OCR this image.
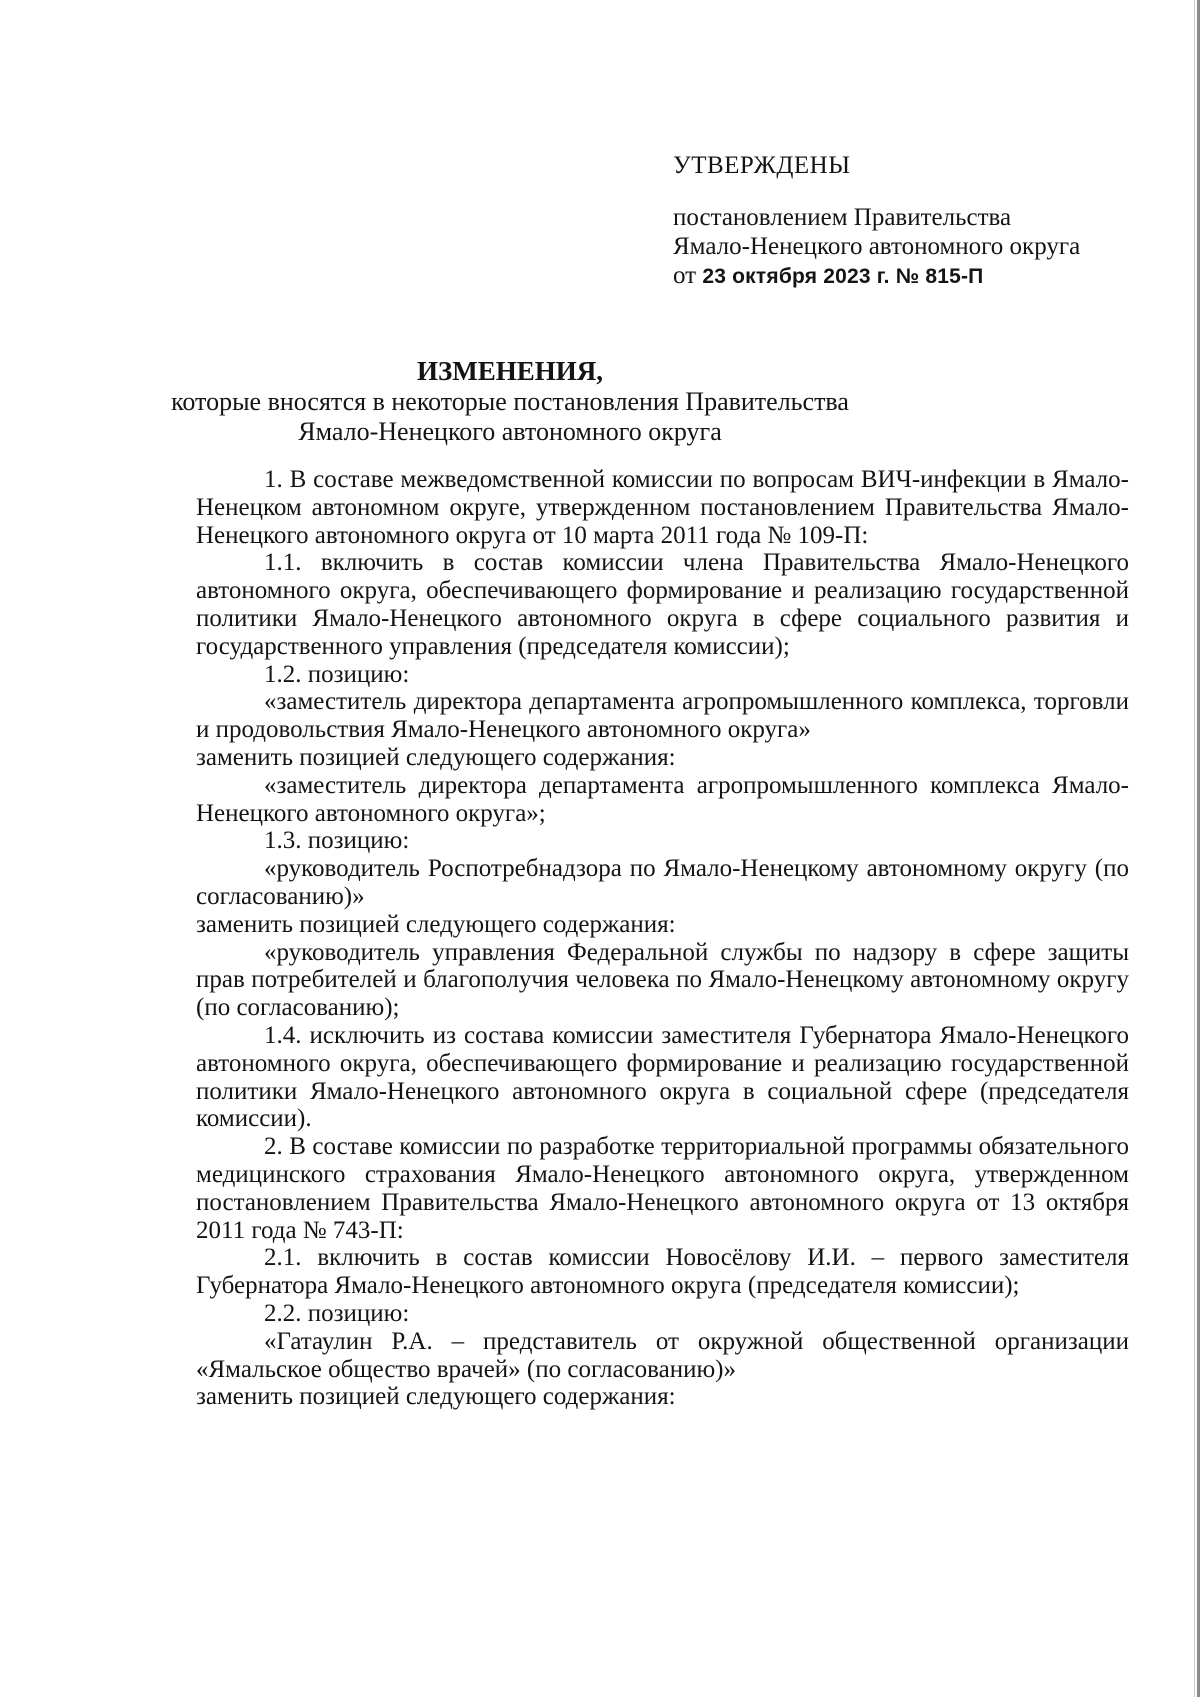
УТВЕРЖДЕНЫ
постановлением Правительства
Ямало-Ненецкого автономного округа
от 23 октября 2023 г. № 815-П
ИЗМЕНЕНИЯ,
которые вносятся в некоторые постановления Правительства
Ямало-Ненецкого автономного округа

1. В составе межведомственной комиссии по вопросам ВИЧ-инфекции в Ямало-Ненецком автономном округе, утвержденном постановлением Правительства Ямало-Ненецкого автономного округа от 10 марта 2011 года № 109-П:

1.1. включить в состав комиссии члена Правительства Ямало-Ненецкого автономного округа, обеспечивающего формирование и реализацию государственной политики Ямало-Ненецкого автономного округа в сфере социального развития и государственного управления (председателя комиссии);

1.2. позицию:

«заместитель директора департамента агропромышленного комплекса, торговли и продовольствия Ямало-Ненецкого автономного округа»

заменить позицией следующего содержания:

«заместитель директора департамента агропромышленного комплекса Ямало-Ненецкого автономного округа»;

1.3. позицию:

«руководитель Роспотребнадзора по Ямало-Ненецкому автономному округу (по согласованию)»

заменить позицией следующего содержания:

«руководитель управления Федеральной службы по надзору в сфере защиты прав потребителей и благополучия человека по Ямало-Ненецкому автономному округу (по согласованию);

1.4. исключить из состава комиссии заместителя Губернатора Ямало-Ненецкого автономного округа, обеспечивающего формирование и реализацию государственной политики Ямало-Ненецкого автономного округа в социальной сфере (председателя комиссии).

2. В составе комиссии по разработке территориальной программы обязательного медицинского страхования Ямало-Ненецкого автономного округа, утвержденном постановлением Правительства Ямало-Ненецкого автономного округа от 13 октября 2011 года № 743-П:

2.1. включить в состав комиссии Новосёлову И.И. – первого заместителя Губернатора Ямало-Ненецкого автономного округа (председателя комиссии);

2.2. позицию:

«Гатаулин Р.А. – представитель от окружной общественной организации «Ямальское общество врачей» (по согласованию)»

заменить позицией следующего содержания:
